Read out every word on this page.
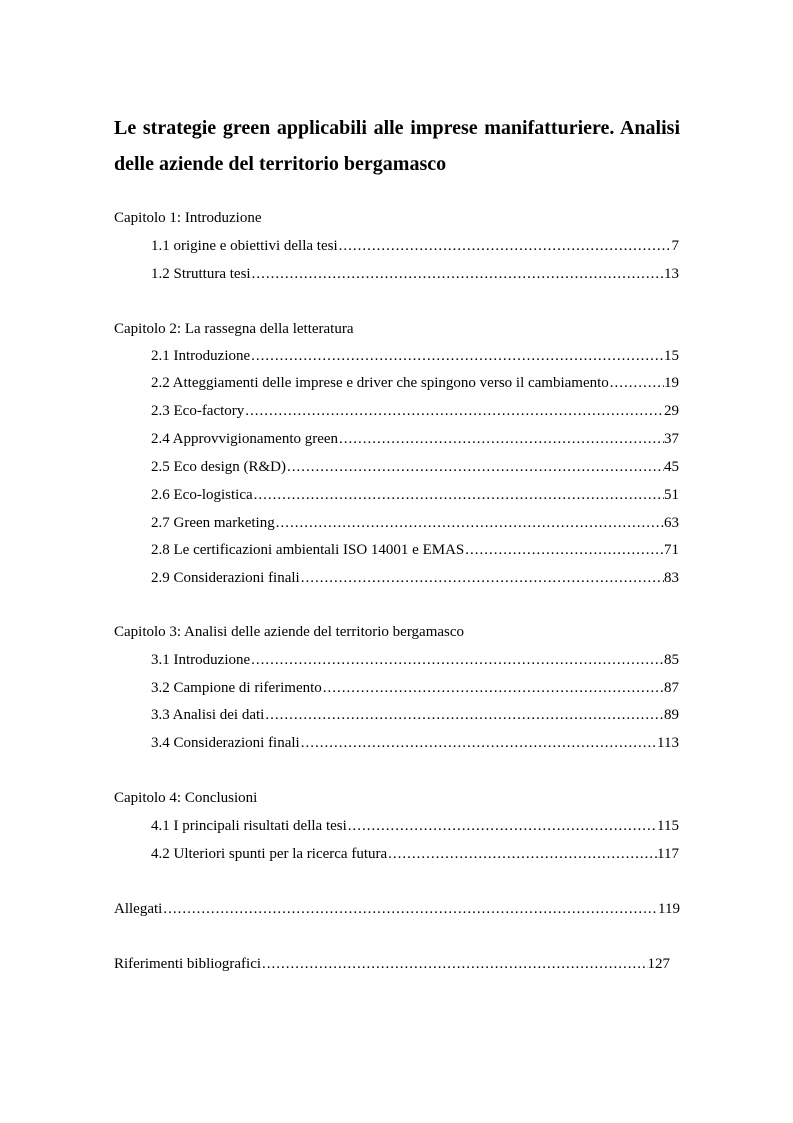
Le strategie green applicabili alle imprese manifatturiere. Analisi delle aziende del territorio bergamasco

Capitolo 1: Introduzione

1.1 origine e obiettivi della tesi .....	7
1.2 Struttura tesi .....	13

Capitolo 2: La rassegna della letteratura

2.1 Introduzione .....	15
2.2 Atteggiamenti delle imprese e driver che spingono verso il cambiamento .....	19
2.3 Eco-factory .....	29
2.4 Approvvigionamento green .....	37
2.5 Eco design (R&D) .....	45
2.6 Eco-logistica .....	51
2.7 Green marketing .....	63
2.8 Le certificazioni ambientali ISO 14001 e EMAS .....	71
2.9 Considerazioni finali .....	83

Capitolo 3: Analisi delle aziende del territorio bergamasco

3.1 Introduzione .....	85
3.2 Campione di riferimento .....	87
3.3 Analisi dei dati .....	89
3.4 Considerazioni finali .....	113

Capitolo 4: Conclusioni

4.1 I principali risultati della tesi .....	115
4.2 Ulteriori spunti per la ricerca futura .....	117
Allegati .....	119
Riferimenti bibliografici .....	127
